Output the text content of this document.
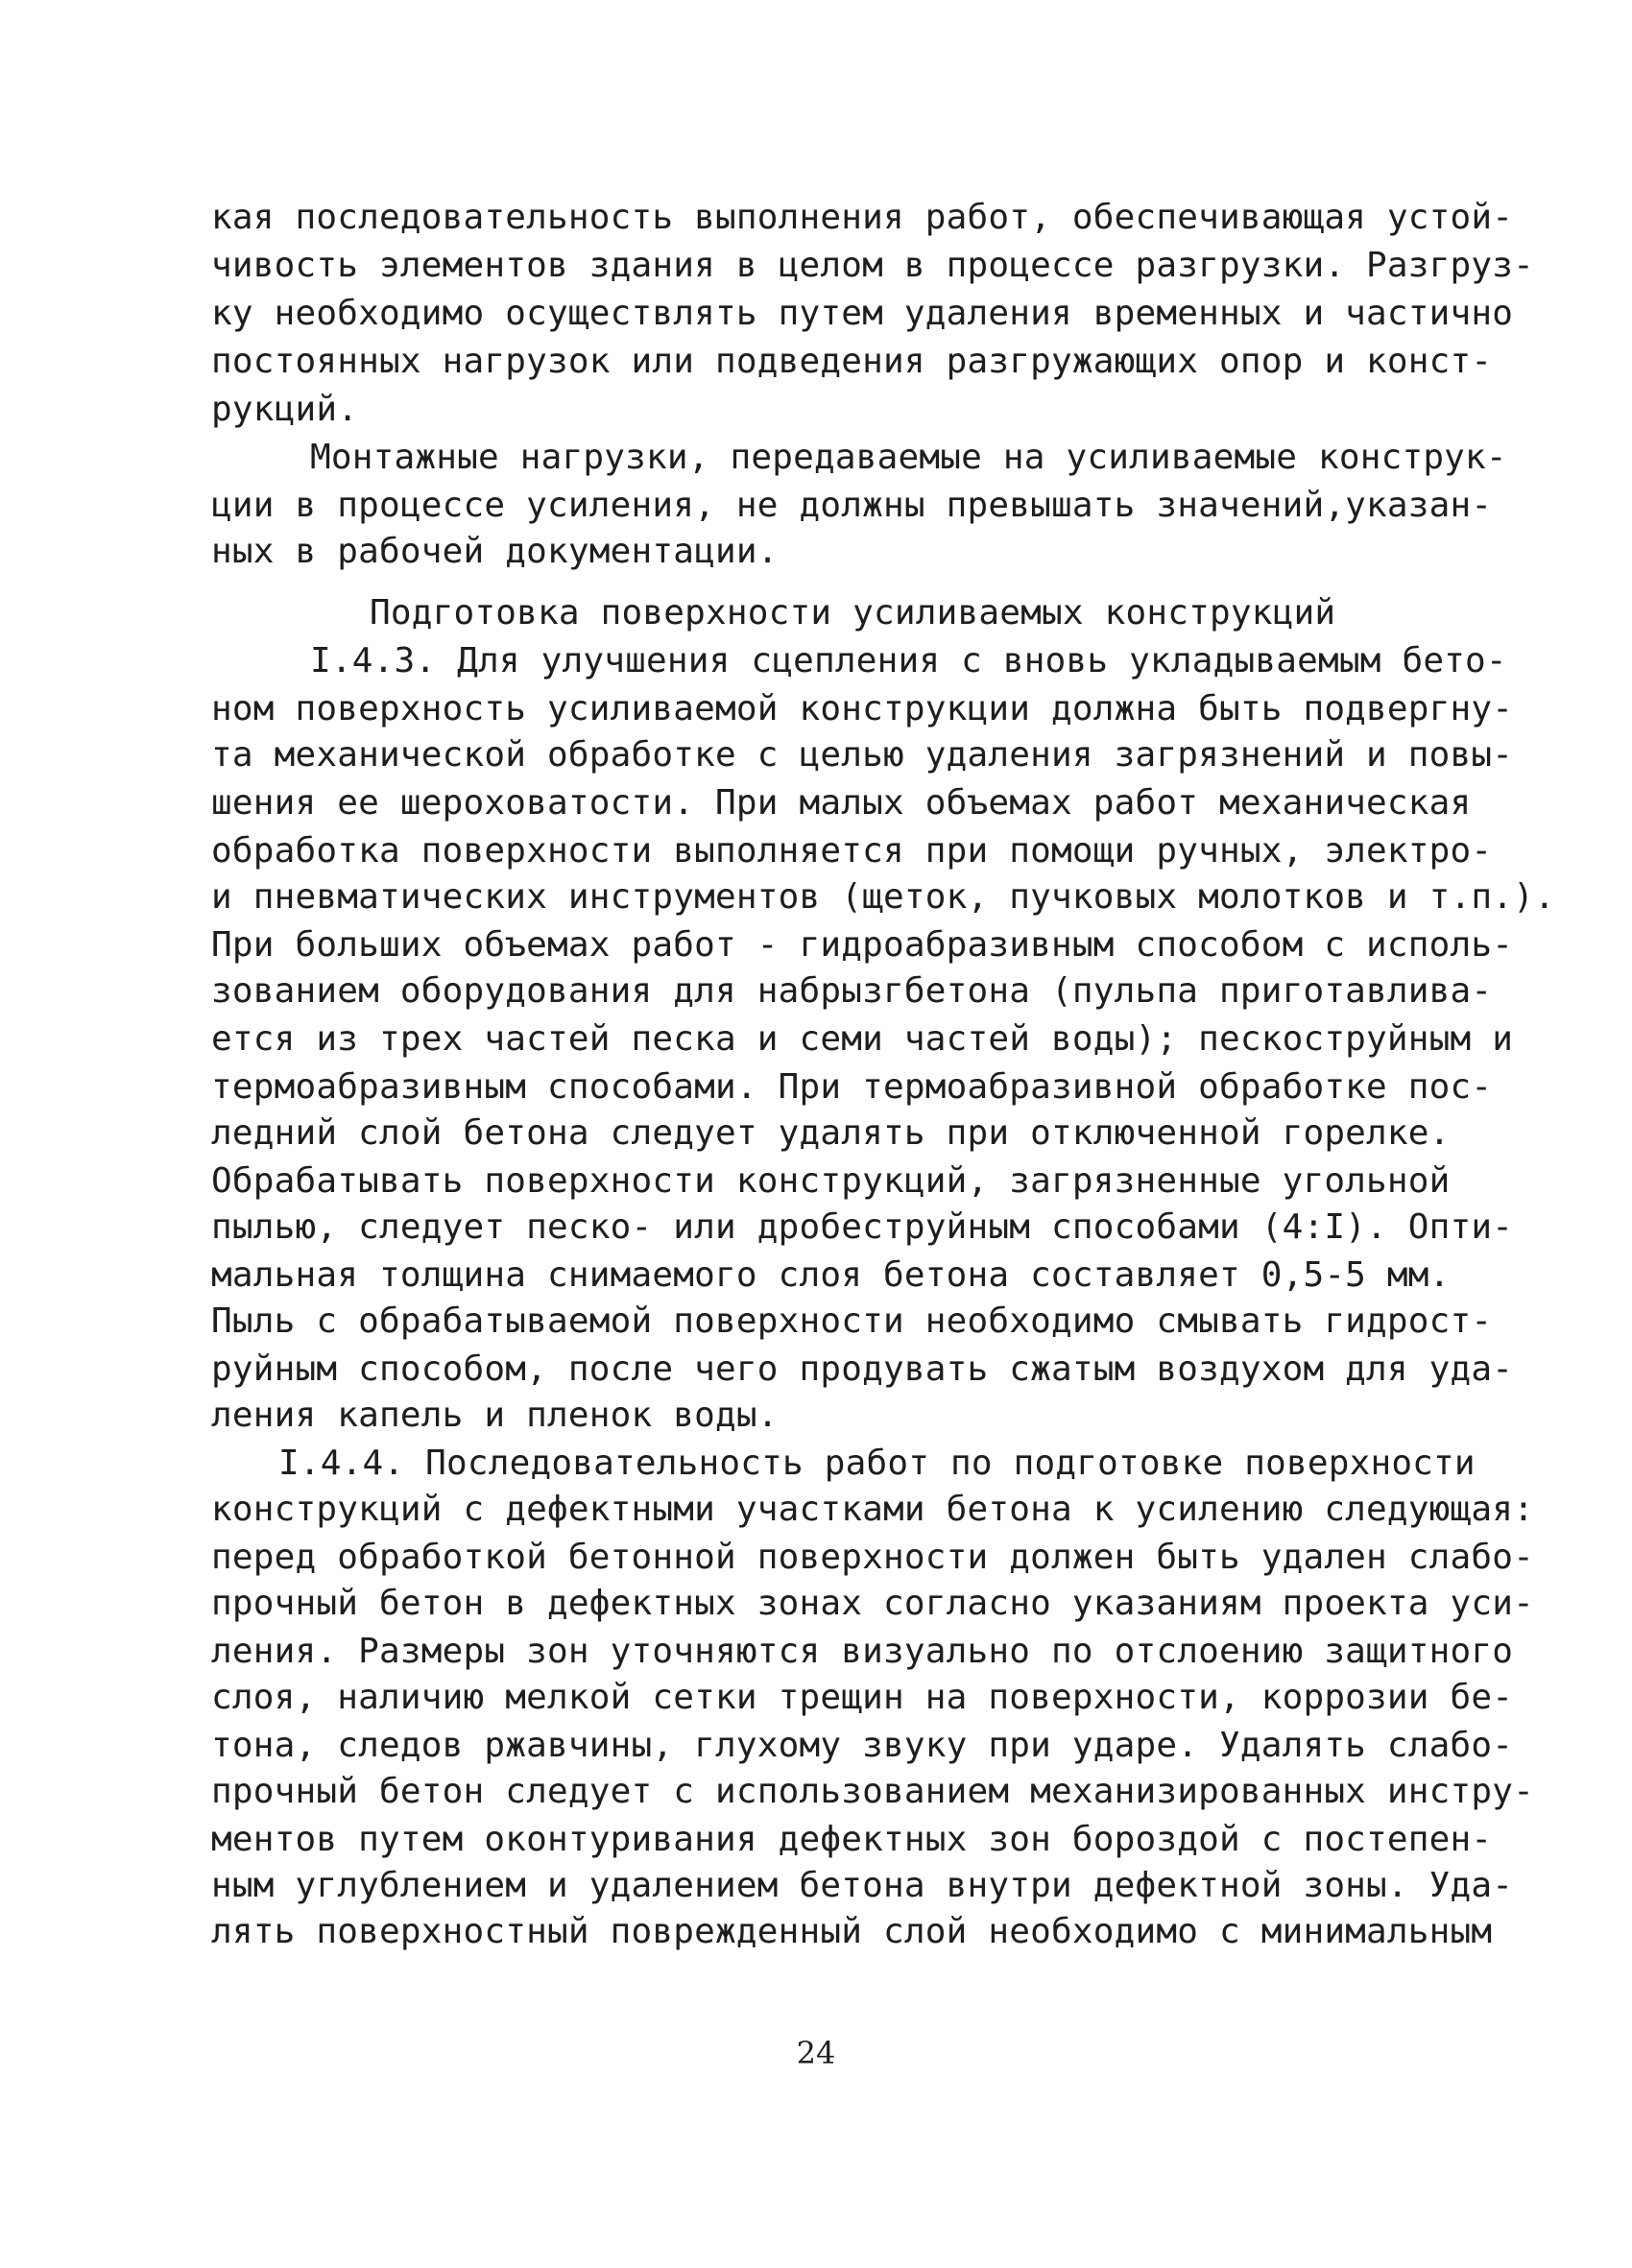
кая последовательность выполнения работ, обеспечивающая устой-
чивость элементов здания в целом в процессе разгрузки. Разгруз-
ку необходимо осуществлять путем удаления временных и частично
постоянных нагрузок или подведения разгружающих опор и конст-
рукций.
Монтажные нагрузки, передаваемые на усиливаемые конструк-
ции в процессе усиления, не должны превышать значений,указан-
ных в рабочей документации.
Подготовка поверхности усиливаемых конструкций
I.4.3. Для улучшения сцепления с вновь укладываемым бето-
ном поверхность усиливаемой конструкции должна быть подвергну-
та механической обработке с целью удаления загрязнений и повы-
шения ее шероховатости. При малых объемах работ механическая
обработка поверхности выполняется при помощи ручных, электро-
и пневматических инструментов (щеток, пучковых молотков и т.п.).
При больших объемах работ - гидроабразивным способом с исполь-
зованием оборудования для набрызгбетона (пульпа приготавлива-
ется из трех частей песка и семи частей воды); пескоструйным и
термоабразивным способами. При термоабразивной обработке пос-
ледний слой бетона следует удалять при отключенной горелке.
Обрабатывать поверхности конструкций, загрязненные угольной
пылью, следует песко- или дробеструйным способами (4:I). Опти-
мальная толщина снимаемого слоя бетона составляет 0,5-5 мм.
Пыль с обрабатываемой поверхности необходимо смывать гидрост-
руйным способом, после чего продувать сжатым воздухом для уда-
ления капель и пленок воды.
I.4.4. Последовательность работ по подготовке поверхности
конструкций с дефектными участками бетона к усилению следующая:
перед обработкой бетонной поверхности должен быть удален слабо-
прочный бетон в дефектных зонах согласно указаниям проекта уси-
ления. Размеры зон уточняются визуально по отслоению защитного
слоя, наличию мелкой сетки трещин на поверхности, коррозии бе-
тона, следов ржавчины, глухому звуку при ударе. Удалять слабо-
прочный бетон следует с использованием механизированных инстру-
ментов путем оконтуривания дефектных зон бороздой с постепен-
ным углублением и удалением бетона внутри дефектной зоны. Уда-
лять поверхностный поврежденный слой необходимо с минимальным
24
